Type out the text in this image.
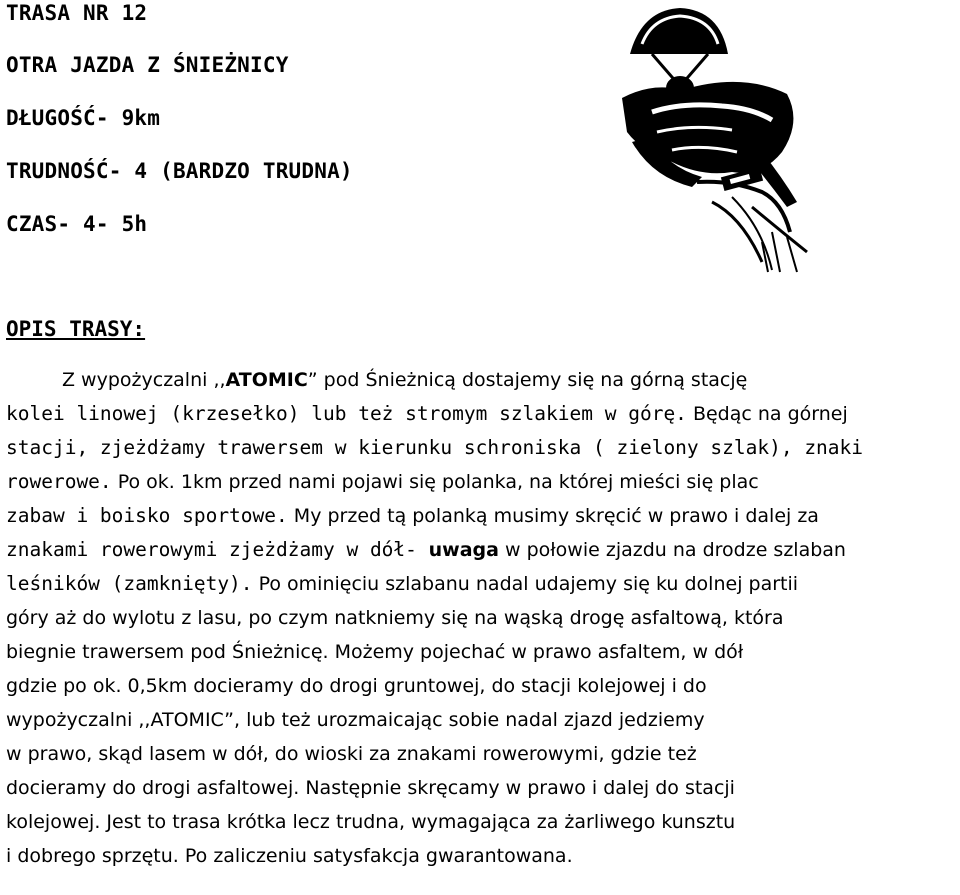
TRASA NR 12
OTRA JAZDA Z ŚNIEŻNICY
DŁUGOŚĆ- 9km
TRUDNOŚĆ- 4 (BARDZO TRUDNA)
CZAS- 4- 5h
OPIS TRASY:
Z wypożyczalni ,,ATOMIC” pod Śnieżnicą dostajemy się na górną stację
kolei linowej (krzesełko) lub też stromym szlakiem w górę. Będąc na górnej
stacji, zjeżdżamy trawersem w kierunku schroniska ( zielony szlak), znaki
rowerowe. Po ok. 1km przed nami pojawi się polanka, na której mieści się plac
zabaw i boisko sportowe. My przed tą polanką musimy skręcić w prawo i dalej za
znakami rowerowymi zjeżdżamy w dół- uwaga w połowie zjazdu na drodze szlaban
leśników (zamknięty). Po ominięciu szlabanu nadal udajemy się ku dolnej partii
góry aż do wylotu z lasu, po czym natkniemy się na wąską drogę asfaltową, która
biegnie trawersem pod Śnieżnicę. Możemy pojechać w prawo asfaltem, w dół
gdzie po ok. 0,5km docieramy do drogi gruntowej, do stacji kolejowej i do
wypożyczalni ,,ATOMIC”, lub też urozmaicając sobie nadal zjazd jedziemy
w prawo, skąd lasem w dół, do wioski za znakami rowerowymi, gdzie też
docieramy do drogi asfaltowej. Następnie skręcamy w prawo i dalej do stacji
kolejowej. Jest to trasa krótka lecz trudna, wymagająca za żarliwego kunsztu
i dobrego sprzętu. Po zaliczeniu satysfakcja gwarantowana.
